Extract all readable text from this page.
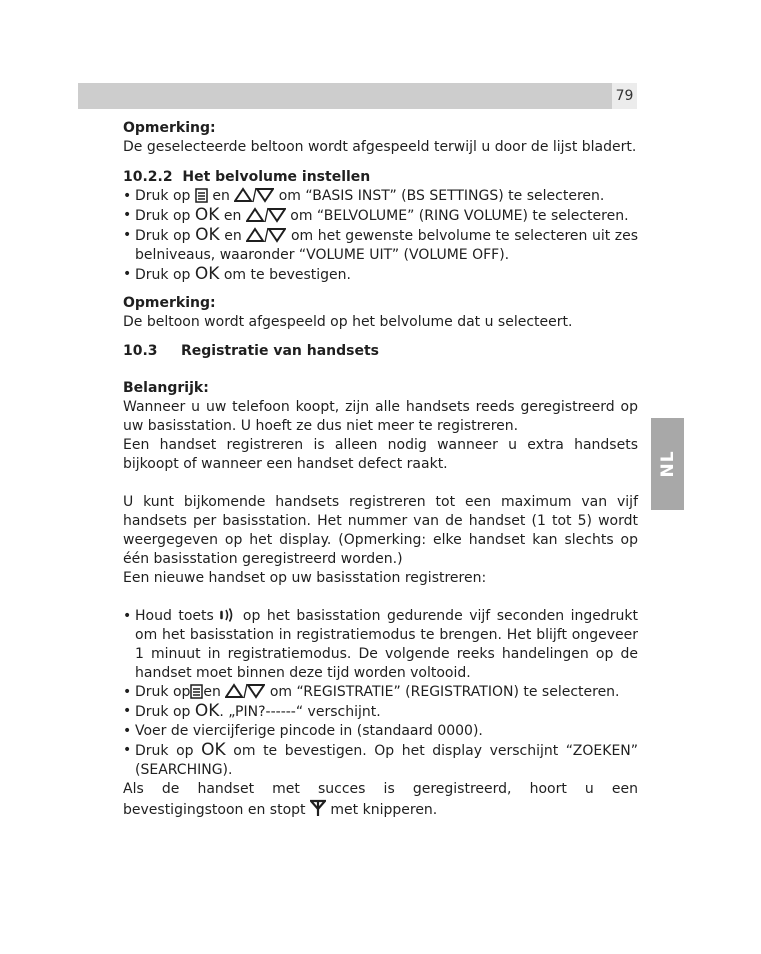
79
NL

Opmerking:

De geselecteerde beltoon wordt afgespeeld terwijl u door de lijst bladert.

10.2.2 Het belvolume instellen

• Druk op en	om “BASIS INST” (BS SETTINGS) te selecteren.

• Druk op OK en	om “BELVOLUME” (RING VOLUME) te selecteren.

• Druk op OK en	om het gewenste belvolume te selecteren uit zes belniveaus, waaronder “VOLUME UIT” (VOLUME OFF).

• Druk op OK om te bevestigen.

Opmerking:

De beltoon wordt afgespeeld op het belvolume dat u selecteert.

10.3 Registratie van handsets

Belangrijk:

Wanneer u uw telefoon koopt, zijn alle handsets reeds geregistreerd op uw basisstation. U hoeft ze dus niet meer te registreren.

Een handset registreren is alleen nodig wanneer u extra handsets bijkoopt of wanneer een handset defect raakt.

U kunt bijkomende handsets registreren tot een maximum van vijf handsets per basisstation. Het nummer van de handset (1 tot 5) wordt weergegeven op het display. (Opmerking: elke handset kan slechts op één basisstation geregistreerd worden.)

Een nieuwe handset op uw basisstation registreren:

• Houd toets op het basisstation gedurende vijf seconden ingedrukt om het basisstation in registratiemodus te brengen. Het blijft ongeveer 1 minuut in registratiemodus. De volgende reeks handelingen op de handset moet binnen deze tijd worden voltooid.

• Druk op en	om “REGISTRATIE” (REGISTRATION) te selecteren.

• Druk op OK. „PIN?------“ verschijnt.

• Voer de viercijferige pincode in (standaard 0000).

• Druk op OK om te bevestigen. Op het display verschijnt “ZOEKEN” (SEARCHING).

Als de handset met succes is geregistreerd, hoort u een bevestigingstoon en stopt met knipperen.
